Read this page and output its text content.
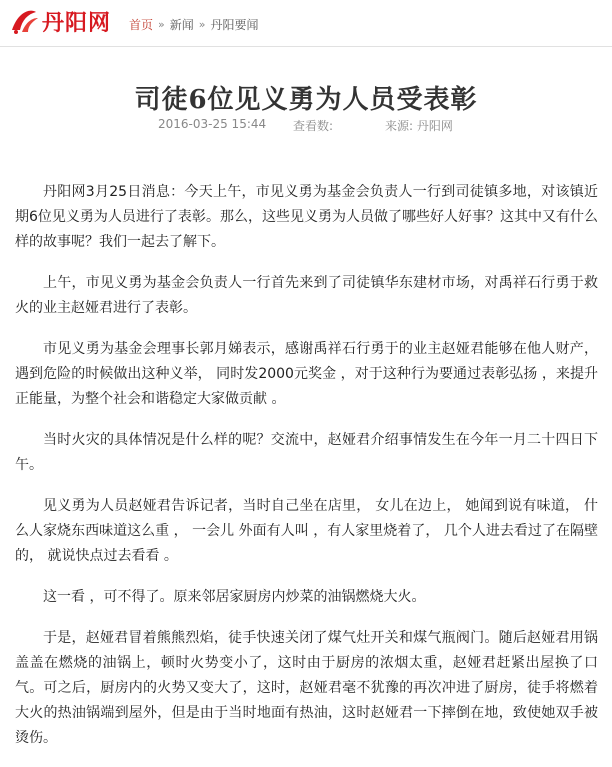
丹阳网 首页 » 新闻 » 丹阳要闻
司徒6位见义勇为人员受表彰
2016-03-25 15:44 查看数:	来源: 丹阳网

丹阳网3月25日消息：今天上午，市见义勇为基金会负责人一行到司徒镇多地，对该镇近期6位见义勇为人员进行了表彰。那么，这些见义勇为人员做了哪些好人好事？这其中又有什么样的故事呢？我们一起去了解下。

上午，市见义勇为基金会负责人一行首先来到了司徒镇华东建材市场，对禹祥石行勇于救火的业主赵娅君进行了表彰。

市见义勇为基金会理事长郭月娣表示，感谢禹祥石行勇于的业主赵娅君能够在他人财产，遇到危险的时候做出这种义举， 同时发2000元奖金 ，对于这种行为要通过表彰弘扬 ，来提升正能量，为整个社会和谐稳定大家做贡献 。

当时火灾的具体情况是什么样的呢？交流中，赵娅君介绍事情发生在今年一月二十四日下午。

见义勇为人员赵娅君告诉记者，当时自己坐在店里， 女儿在边上， 她闻到说有味道， 什么人家烧东西味道这么重 ， 一会儿 外面有人叫 ，有人家里烧着了， 几个人进去看过了在隔壁的， 就说快点过去看看 。

这一看 ，可不得了。原来邻居家厨房内炒菜的油锅燃烧大火。

于是，赵娅君冒着熊熊烈焰，徒手快速关闭了煤气灶开关和煤气瓶阀门。随后赵娅君用锅盖盖在燃烧的油锅上，顿时火势变小了，这时由于厨房的浓烟太重，赵娅君赶紧出屋换了口气。可之后，厨房内的火势又变大了，这时，赵娅君毫不犹豫的再次冲进了厨房，徒手将燃着大火的热油锅端到屋外，但是由于当时地面有热油，这时赵娅君一下摔倒在地，致使她双手被烫伤。
